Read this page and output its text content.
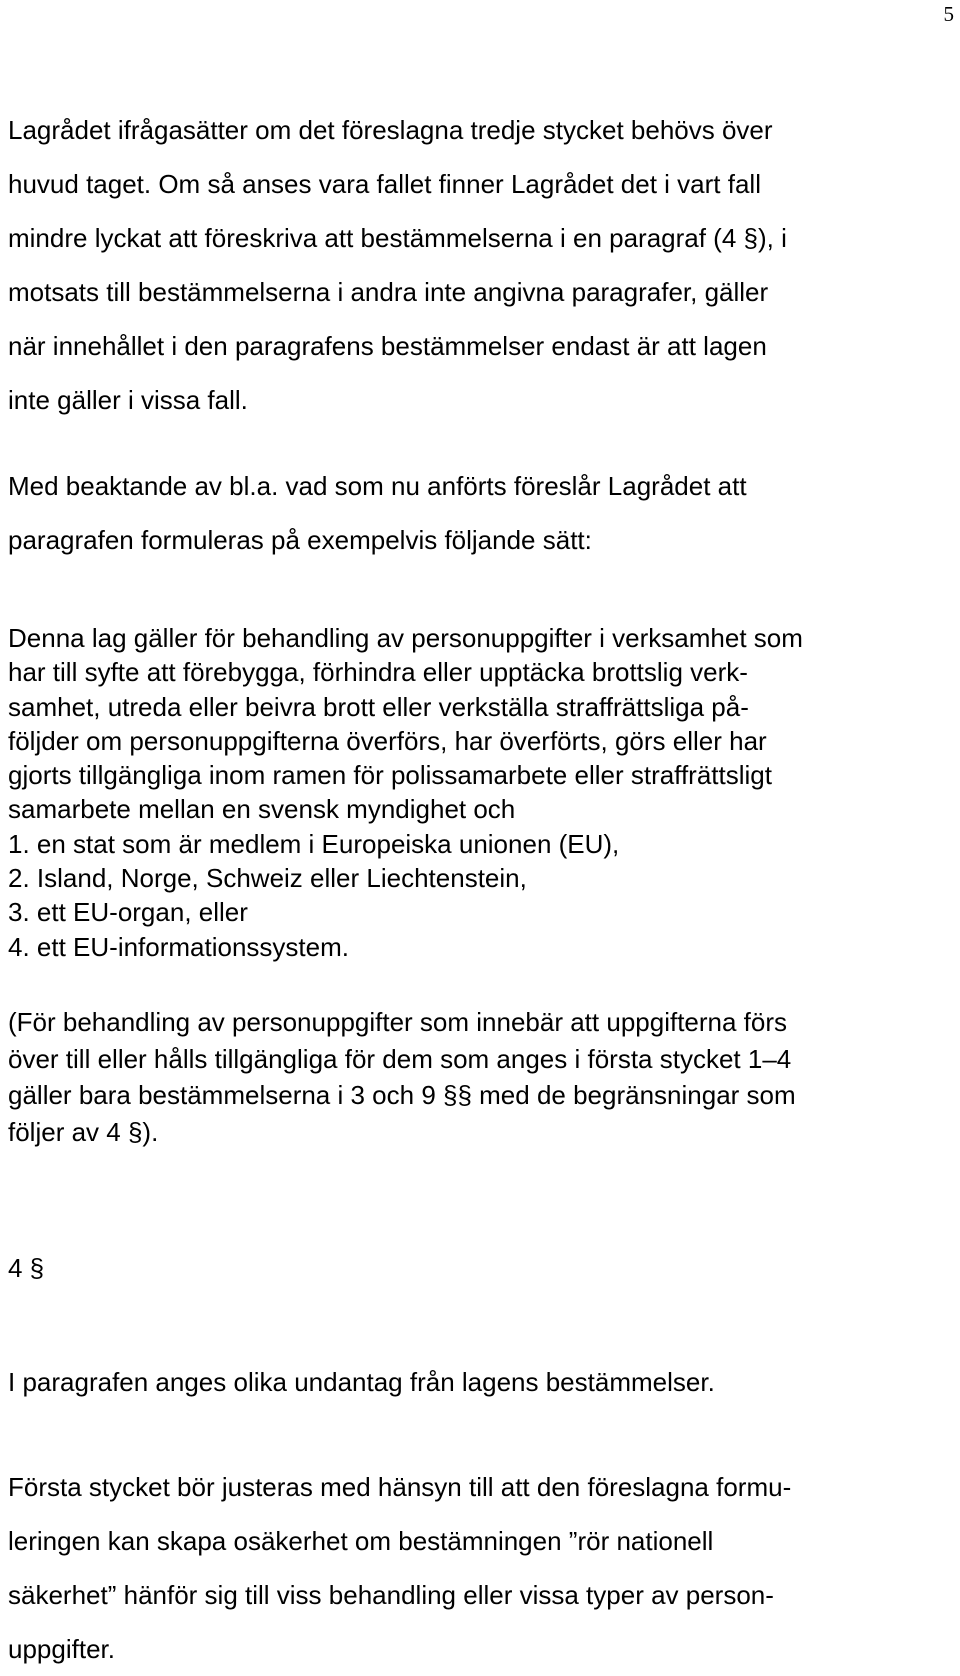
5
Lagrådet ifrågasätter om det föreslagna tredje stycket behövs över
huvud taget. Om så anses vara fallet finner Lagrådet det i vart fall
mindre lyckat att föreskriva att bestämmelserna i en paragraf (4 §), i
motsats till bestämmelserna i andra inte angivna paragrafer, gäller
när innehållet i den paragrafens bestämmelser endast är att lagen
inte gäller i vissa fall.
Med beaktande av bl.a. vad som nu anförts föreslår Lagrådet att
paragrafen formuleras på exempelvis följande sätt:
Denna lag gäller för behandling av personuppgifter i verksamhet som
har till syfte att förebygga, förhindra eller upptäcka brottslig verk-
samhet, utreda eller beivra brott eller verkställa straffrättsliga på-
följder om personuppgifterna överförs, har överförts, görs eller har
gjorts tillgängliga inom ramen för polissamarbete eller straffrättsligt
samarbete mellan en svensk myndighet och
1. en stat som är medlem i Europeiska unionen (EU),
2. Island, Norge, Schweiz eller Liechtenstein,
3. ett EU-organ, eller
4. ett EU-informationssystem.
(För behandling av personuppgifter som innebär att uppgifterna förs
över till eller hålls tillgängliga för dem som anges i första stycket 1–4
gäller bara bestämmelserna i 3 och 9 §§ med de begränsningar som
följer av 4 §).
4 §
I paragrafen anges olika undantag från lagens bestämmelser.
Första stycket bör justeras med hänsyn till att den föreslagna formu-
leringen kan skapa osäkerhet om bestämningen ”rör nationell
säkerhet” hänför sig till viss behandling eller vissa typer av person-
uppgifter.
